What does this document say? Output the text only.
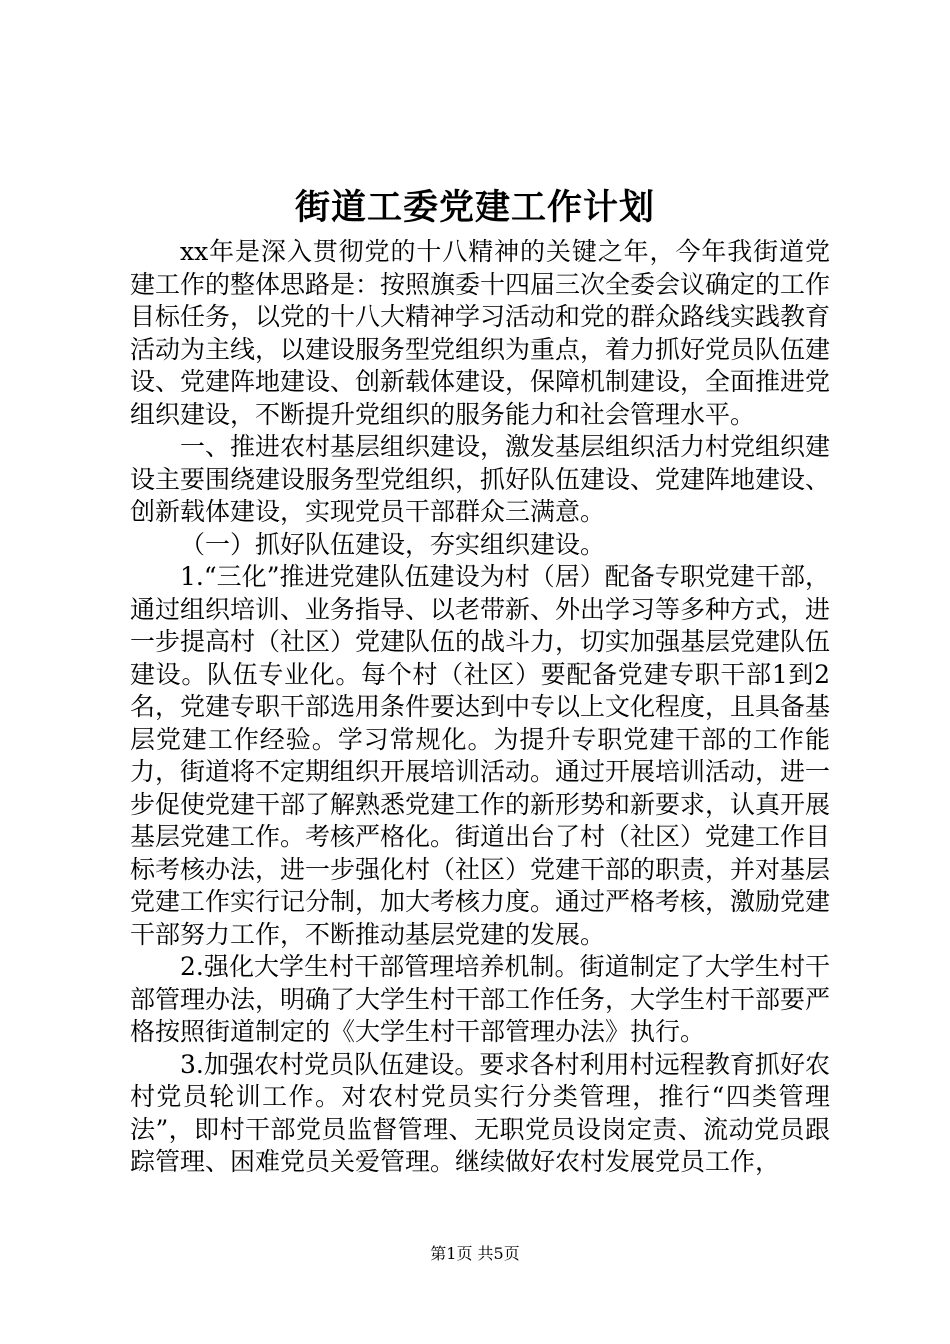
街道工委党建工作计划

xx年是深入贯彻党的十八精神的关键之年，今年我街道党建工作的整体思路是：按照旗委十四届三次全委会议确定的工作目标任务，以党的十八大精神学习活动和党的群众路线实践教育活动为主线，以建设服务型党组织为重点，着力抓好党员队伍建设、党建阵地建设、创新载体建设，保障机制建设，全面推进党组织建设，不断提升党组织的服务能力和社会管理水平。

一、推进农村基层组织建设，激发基层组织活力村党组织建设主要围绕建设服务型党组织，抓好队伍建设、党建阵地建设、创新载体建设，实现党员干部群众三满意。

（一）抓好队伍建设，夯实组织建设。

1.“三化”推进党建队伍建设为村（居）配备专职党建干部，通过组织培训、业务指导、以老带新、外出学习等多种方式，进一步提高村（社区）党建队伍的战斗力，切实加强基层党建队伍建设。队伍专业化。每个村（社区）要配备党建专职干部1到2名，党建专职干部选用条件要达到中专以上文化程度，且具备基层党建工作经验。学习常规化。为提升专职党建干部的工作能力，街道将不定期组织开展培训活动。通过开展培训活动，进一步促使党建干部了解熟悉党建工作的新形势和新要求，认真开展基层党建工作。考核严格化。街道出台了村（社区）党建工作目标考核办法，进一步强化村（社区）党建干部的职责，并对基层党建工作实行记分制，加大考核力度。通过严格考核，激励党建干部努力工作，不断推动基层党建的发展。

2.强化大学生村干部管理培养机制。街道制定了大学生村干部管理办法，明确了大学生村干部工作任务，大学生村干部要严格按照街道制定的《大学生村干部管理办法》执行。

3.加强农村党员队伍建设。要求各村利用村远程教育抓好农村党员轮训工作。对农村党员实行分类管理，推行“四类管理法”，即村干部党员监督管理、无职党员设岗定责、流动党员跟踪管理、困难党员关爱管理。继续做好农村发展党员工作，

第1页 共5页
